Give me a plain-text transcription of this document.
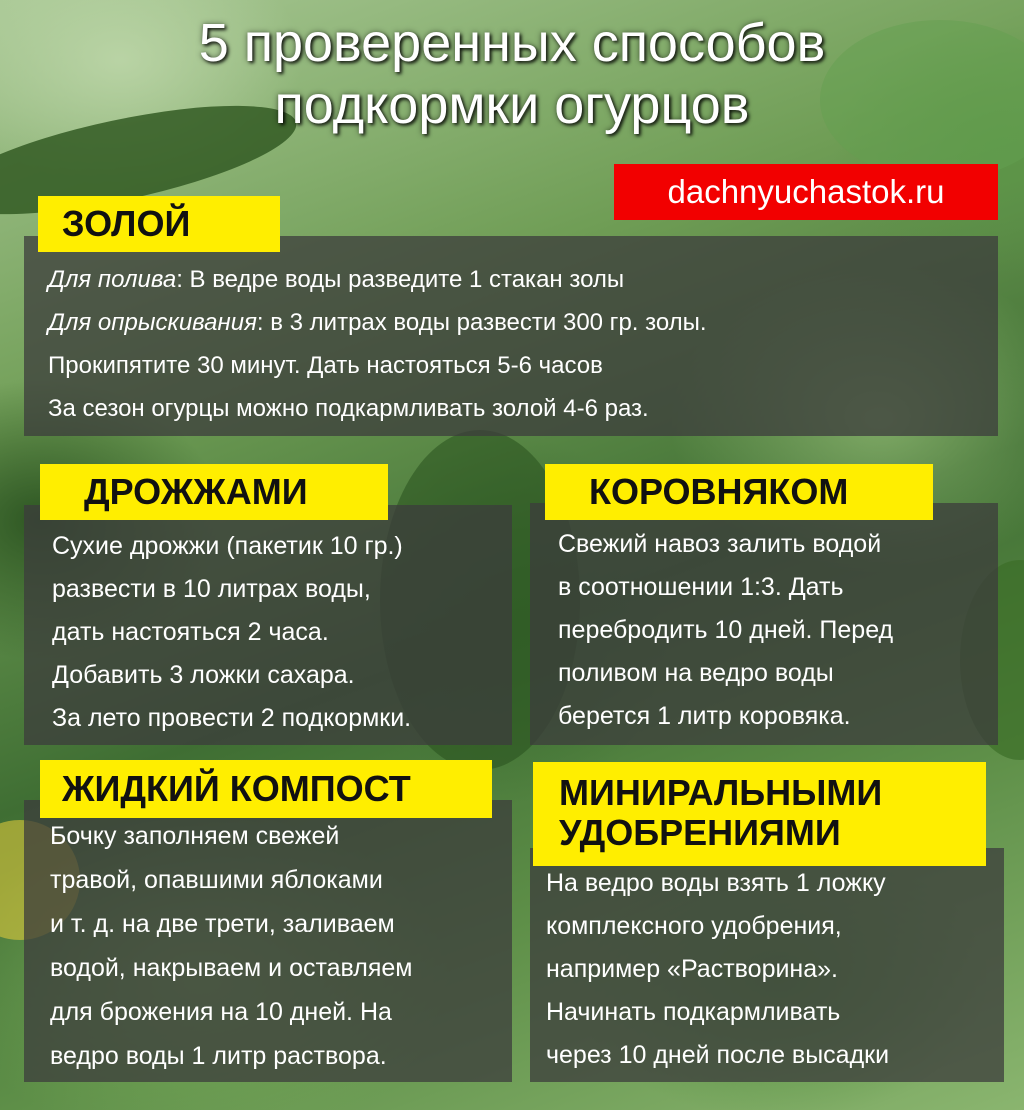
5 проверенных способов
подкормки огурцов
dachnyuchastok.ru
Для полива: В ведре воды разведите 1 стакан золы
Для опрыскивания: в 3 литрах воды развести 300 гр. золы.
Прокипятите 30 минут. Дать настояться 5-6 часов
За сезон огурцы можно подкармливать золой 4-6 раз.
ЗОЛОЙ
Сухие дрожжи (пакетик 10 гр.)
развести в 10 литрах воды,
дать настояться 2 часа.
Добавить 3 ложки сахара.
За лето провести 2 подкормки.
ДРОЖЖАМИ
Свежий навоз залить водой
в соотношении 1:3. Дать
перебродить 10 дней. Перед
поливом на ведро воды
берется 1 литр коровяка.
КОРОВНЯКОМ
Бочку заполняем свежей
травой, опавшими яблоками
и т. д. на две трети, заливаем
водой, накрываем и оставляем
для брожения на 10 дней. На
ведро воды 1 литр раствора.
ЖИДКИЙ КОМПОСТ
На ведро воды взять 1 ложку
комплексного удобрения,
например «Растворина».
Начинать подкармливать
через 10 дней после высадки
МИНИРАЛЬНЫМИ
УДОБРЕНИЯМИ
